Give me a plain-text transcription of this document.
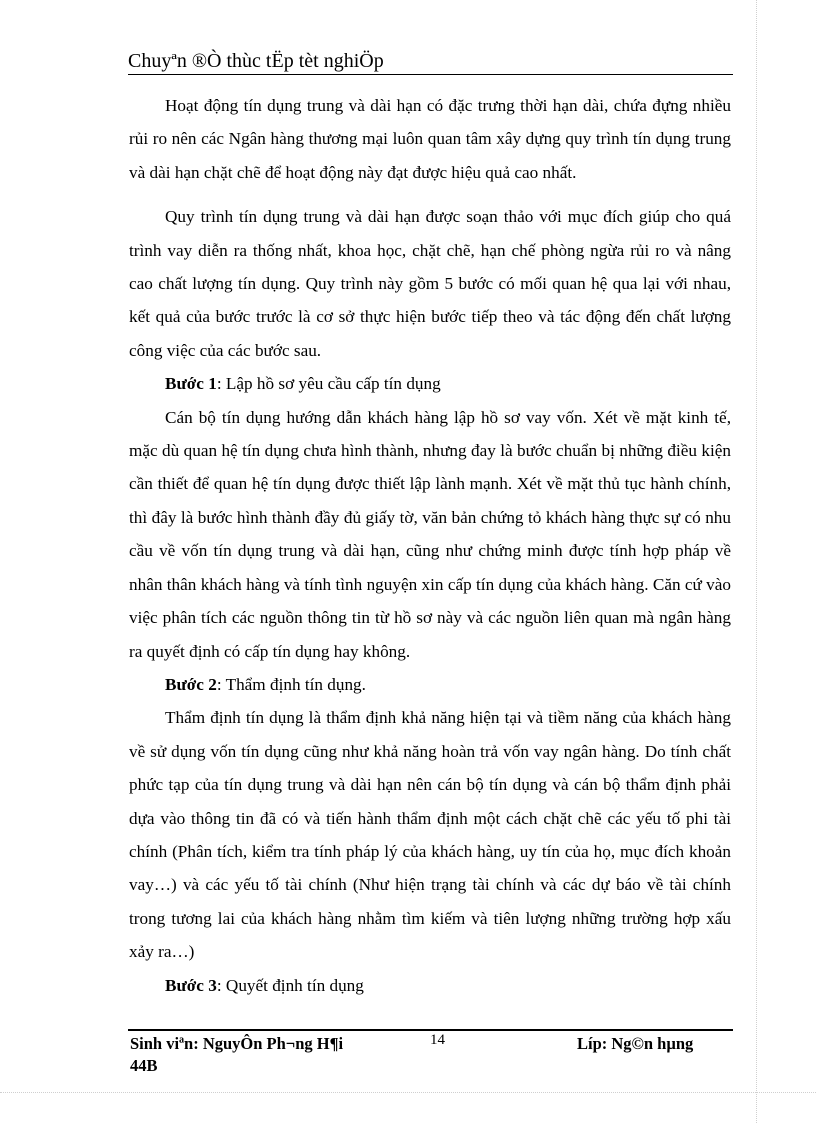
Chuyªn ®Ò thùc tËp tèt nghiÖp

Hoạt động tín dụng trung và dài hạn có đặc trưng thời hạn dài, chứa đựng nhiều rủi ro nên các Ngân hàng thương mại luôn quan tâm xây dựng quy trình tín dụng trung và dài hạn chặt chẽ để hoạt động này đạt được hiệu quả cao nhất.

Quy trình tín dụng trung và dài hạn được soạn thảo với mục đích giúp cho quá trình vay diễn ra thống nhất, khoa học, chặt chẽ, hạn chế phòng ngừa rủi ro và nâng cao chất lượng tín dụng. Quy trình này gồm 5 bước có mối quan hệ qua lại với nhau, kết quả của bước trước là cơ sở thực hiện bước tiếp theo và tác động đến chất lượng công việc của các bước sau.

Bước 1: Lập hồ sơ yêu cầu cấp tín dụng

Cán bộ tín dụng hướng dẫn khách hàng lập hồ sơ vay vốn. Xét về mặt kinh tế, mặc dù quan hệ tín dụng chưa hình thành, nhưng đay là bước chuẩn bị những điều kiện cần thiết để quan hệ tín dụng được thiết lập lành mạnh. Xét về mặt thủ tục hành chính, thì đây là bước hình thành đầy đủ giấy tờ, văn bản chứng tỏ khách hàng thực sự có nhu cầu về vốn tín dụng trung và dài hạn, cũng như chứng minh được tính hợp pháp về nhân thân khách hàng và tính tình nguyện xin cấp tín dụng của khách hàng. Căn cứ vào việc phân tích các nguồn thông tin từ hồ sơ này và các nguồn liên quan mà ngân hàng ra quyết định có cấp tín dụng hay không.

Bước 2: Thẩm định tín dụng.

Thẩm định tín dụng là thẩm định khả năng hiện tại và tiềm năng của khách hàng về sử dụng vốn tín dụng cũng như khả năng hoàn trả vốn vay ngân hàng. Do tính chất phức tạp của tín dụng trung và dài hạn nên cán bộ tín dụng và cán bộ thẩm định phải dựa vào thông tin đã có và tiến hành thẩm định một cách chặt chẽ các yếu tố phi tài chính (Phân tích, kiểm tra tính pháp lý của khách hàng, uy tín của họ, mục đích khoản vay…) và các yếu tố tài chính (Như hiện trạng tài chính và các dự báo về tài chính trong tương lai của khách hàng nhằm tìm kiếm và tiên lượng những trường hợp xấu xảy ra…)

Bước 3: Quyết định tín dụng

Sinh viªn: NguyÔn Ph¬ng H¶i
44B
14	Líp: Ng©n hµng
